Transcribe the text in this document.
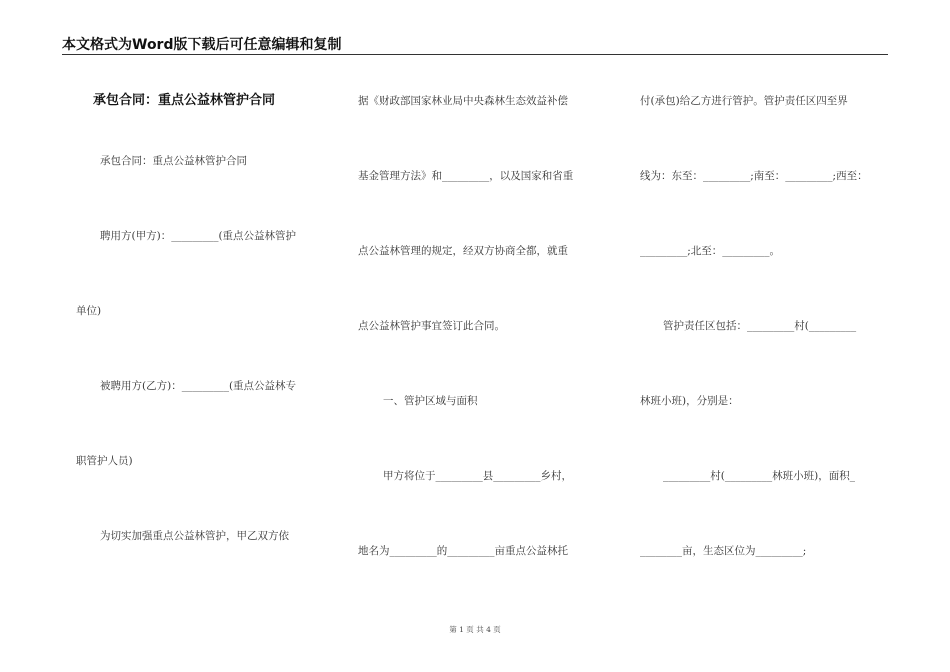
本文格式为Word版下载后可任意编辑和复制
承包合同：重点公益林管护合同
承包合同：重点公益林管护合同
聘用方(甲方)：_________(重点公益林管护
单位)
被聘用方(乙方)：_________(重点公益林专
职管护人员)
为切实加强重点公益林管护，甲乙双方依
据《财政部国家林业局中央森林生态效益补偿
基金管理方法》和_________，以及国家和省重
点公益林管理的规定，经双方协商全都，就重
点公益林管护事宜签订此合同。
一、管护区域与面积
甲方将位于_________县_________乡村，
地名为_________的_________亩重点公益林托
付(承包)给乙方进行管护。管护责任区四至界
线为：东至：_________;南至：_________;西至：
_________;北至：_________。
管护责任区包括：_________村(_________
林班小班)，分别是：
_________村(_________林班小班)，面积_
________亩，生态区位为_________;
第 1 页 共 4 页
